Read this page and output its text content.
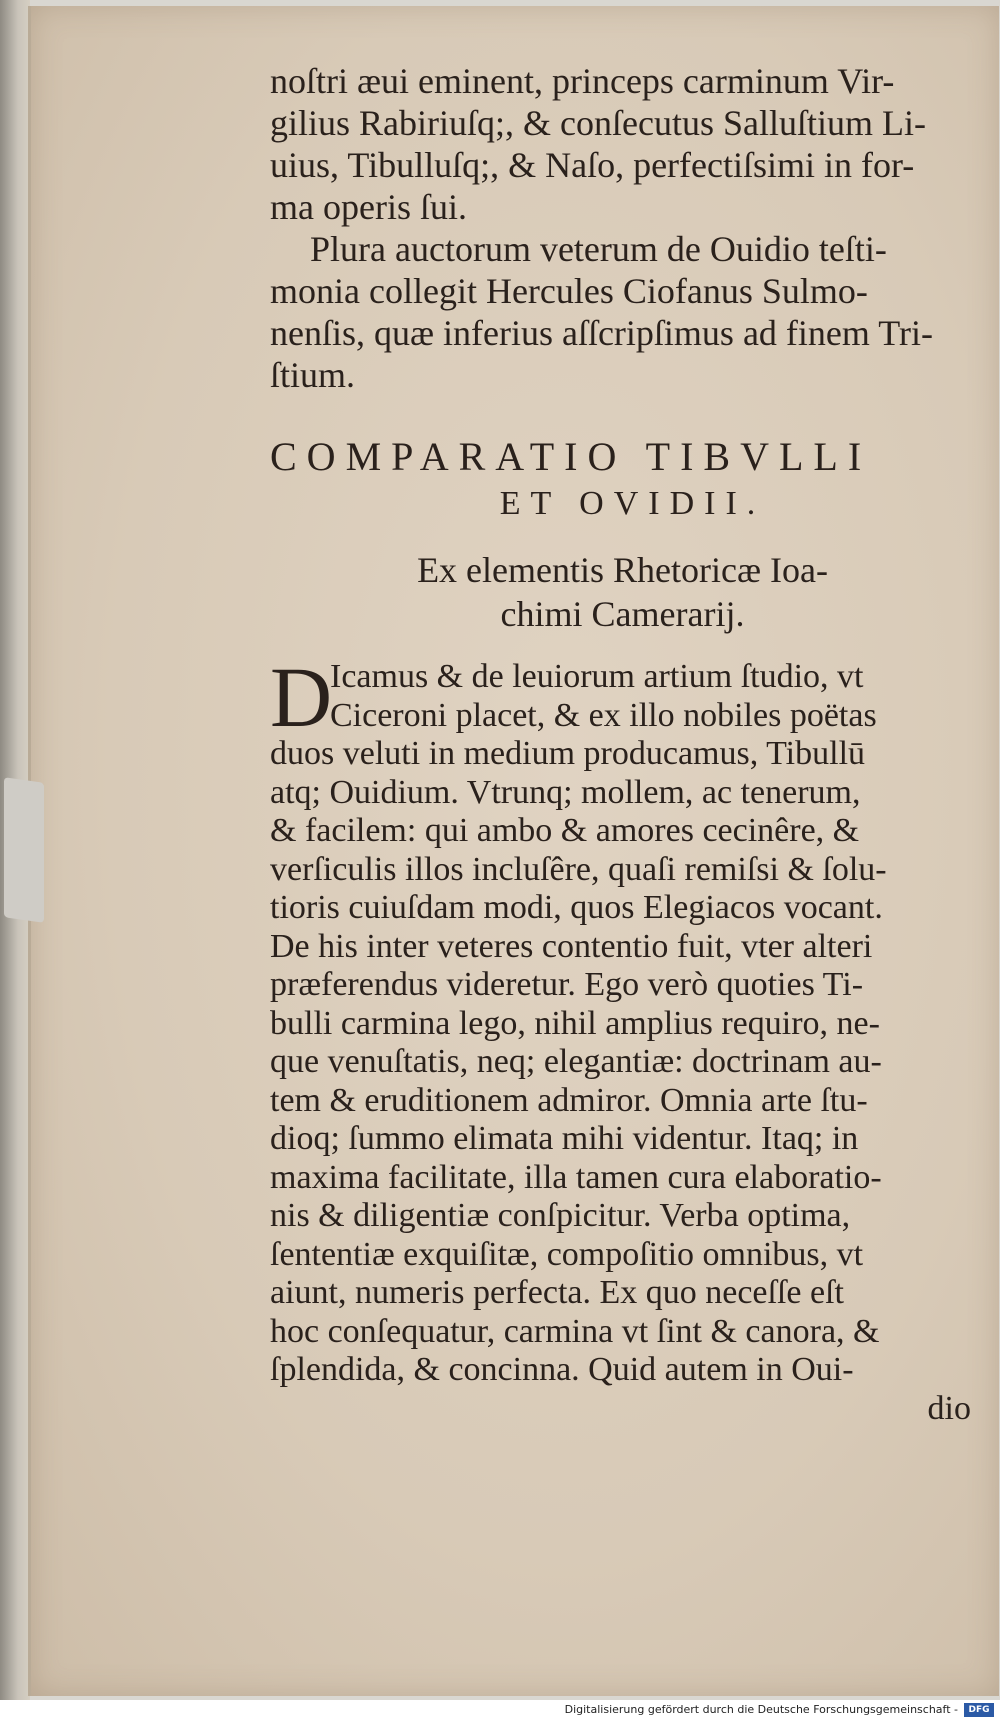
noſtri æui eminent, princeps carminum Vir-

gilius Rabiriuſq;, & conſecutus Salluſtium Li-

uius, Tibulluſq;, & Naſo, perfectiſsimi in for-

ma operis ſui.

Plura auctorum veterum de Ouidio teſti-

monia collegit Hercules Ciofanus Sulmo-

nenſis, quæ inferius aſſcripſimus ad finem Tri-

ſtium.

COMPARATIO TIBVLLI
ET OVIDII.
Ex elementis Rhetoricæ Ioa-
chimi Camerarij.
D

Icamus & de leuiorum artium ſtudio, vt

Ciceroni placet, & ex illo nobiles poëtas

duos veluti in medium producamus, Tibullū

atq; Ouidium. Vtrunq; mollem, ac tenerum,

& facilem: qui ambo & amores cecinêre, &

verſiculis illos incluſêre, quaſi remiſsi & ſolu-

tioris cuiuſdam modi, quos Elegiacos vocant.

De his inter veteres contentio fuit, vter alteri

præferendus videretur. Ego verò quoties Ti-

bulli carmina lego, nihil amplius requiro, ne-

que venuſtatis, neq; elegantiæ: doctrinam au-

tem & eruditionem admiror. Omnia arte ſtu-

dioq; ſummo elimata mihi videntur. Itaq; in

maxima facilitate, illa tamen cura elaboratio-

nis & diligentiæ conſpicitur. Verba optima,

ſententiæ exquiſitæ, compoſitio omnibus, vt

aiunt, numeris perfecta. Ex quo neceſſe eſt

hoc conſequatur, carmina vt ſint & canora, &

ſplendida, & concinna. Quid autem in Oui-

dio
Digitalisierung gefördert durch die Deutsche Forschungsgemeinschaft -	DFG
